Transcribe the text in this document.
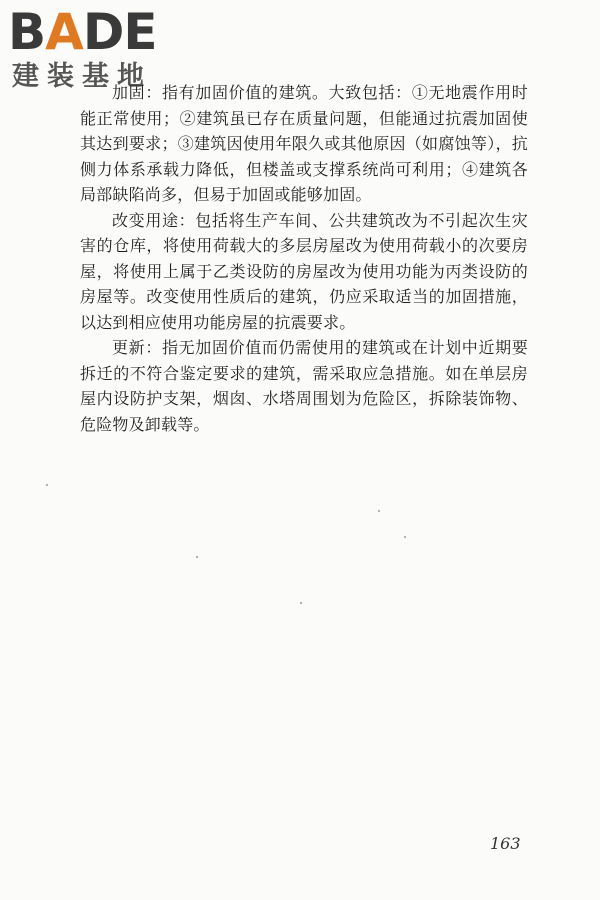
BADE
建装基地

加固：指有加固价值的建筑。大致包括：①无地震作用时能正常使用；②建筑虽已存在质量问题，但能通过抗震加固使其达到要求；③建筑因使用年限久或其他原因（如腐蚀等），抗侧力体系承载力降低，但楼盖或支撑系统尚可利用；④建筑各局部缺陷尚多，但易于加固或能够加固。

改变用途：包括将生产车间、公共建筑改为不引起次生灾害的仓库，将使用荷载大的多层房屋改为使用荷载小的次要房屋，将使用上属于乙类设防的房屋改为使用功能为丙类设防的房屋等。改变使用性质后的建筑，仍应采取适当的加固措施，以达到相应使用功能房屋的抗震要求。

更新：指无加固价值而仍需使用的建筑或在计划中近期要拆迁的不符合鉴定要求的建筑，需采取应急措施。如在单层房屋内设防护支架，烟囱、水塔周围划为危险区，拆除装饰物、危险物及卸载等。

163
